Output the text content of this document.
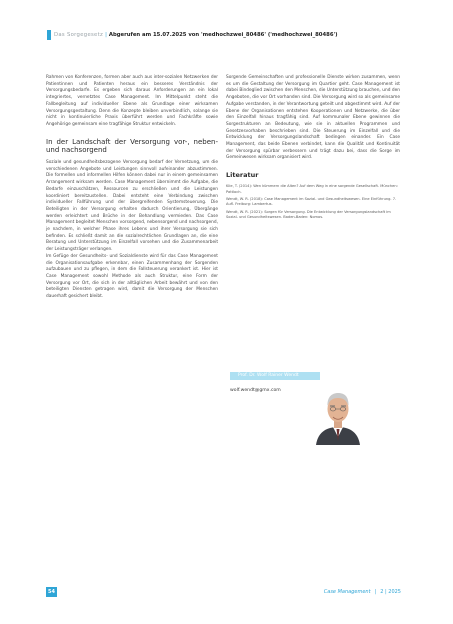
Das Sorgegesetz | Abgerufen am 15.07.2025 von 'medhochzwei_80486' ('medhochzwei_80486')

Rahmen von Konferenzen, formen aber auch aus inter-sozialen Netzwerken der Patientinnen und Patienten heraus ein besseres Verständnis der Versorgungsbedarfe. Es ergeben sich daraus Anforderungen an ein lokal integriertes, vernetztes Case Management. Im Mittelpunkt steht die Fallbegleitung auf individueller Ebene als Grundlage einer wirksamen Versorgungsgestaltung. Denn die Konzepte bleiben unverbindlich, solange sie nicht in kontinuierliche Praxis überführt werden und Fachkräfte sowie Angehörige gemeinsam eine tragfähige Struktur entwickeln.

In der Landschaft der Versorgung vor-, neben- und nachsorgend

Soziale und gesundheitsbezogene Versorgung bedarf der Vernetzung, um die verschiedenen Angebote und Leistungen sinnvoll aufeinander abzustimmen. Die formellen und informellen Hilfen können dabei nur in einem gemeinsamen Arrangement wirksam werden. Case Management übernimmt die Aufgabe, die Bedarfe einzuschätzen, Ressourcen zu erschließen und die Leistungen koordiniert bereitzustellen. Dabei entsteht eine Verbindung zwischen individueller Fallführung und der übergreifenden Systemsteuerung. Die Beteiligten in der Versorgung erhalten dadurch Orientierung, Übergänge werden erleichtert und Brüche in der Behandlung vermieden. Das Case Management begleitet Menschen vorsorgend, nebensorgend und nachsorgend, je nachdem, in welcher Phase ihres Lebens und ihrer Versorgung sie sich befinden. Es schließt damit an die sozialrechtlichen Grundlagen an, die eine Beratung und Unterstützung im Einzelfall vorsehen und die Zusammenarbeit der Leistungsträger verlangen.

Im Gefüge der Gesundheits- und Sozialdienste wird für das Case Management die Organisationsaufgabe erkennbar, einen Zusammenhang der Sorgenden aufzubauen und zu pflegen, in dem die Fallsteuerung verankert ist. Hier ist Case Management sowohl Methode als auch Struktur, eine Form der Versorgung vor Ort, die sich in der alltäglichen Arbeit bewährt und von den beteiligten Diensten getragen wird, damit die Versorgung der Menschen dauerhaft gesichert bleibt.

Sorgende Gemeinschaften und professionelle Dienste wirken zusammen, wenn es um die Gestaltung der Versorgung im Quartier geht. Case Management ist dabei Bindeglied zwischen den Menschen, die Unterstützung brauchen, und den Angeboten, die vor Ort vorhanden sind. Die Versorgung wird so als gemeinsame Aufgabe verstanden, in der Verantwortung geteilt und abgestimmt wird. Auf der Ebene der Organisationen entstehen Kooperationen und Netzwerke, die über den Einzelfall hinaus tragfähig sind. Auf kommunaler Ebene gewinnen die Sorgestrukturen an Bedeutung, wie sie in aktuellen Programmen und Gesetzesvorhaben beschrieben sind. Die Steuerung im Einzelfall und die Entwicklung der Versorgungslandschaft bedingen einander. Ein Case Management, das beide Ebenen verbindet, kann die Qualität und Kontinuität der Versorgung spürbar verbessern und trägt dazu bei, dass die Sorge im Gemeinwesen wirksam organisiert wird.

Literatur
Klie, T. (2014): Wen kümmern die Alten? Auf dem Weg in eine sorgende Gesellschaft. München: Pattloch.
Wendt, W. R. (2018): Case Management im Sozial- und Gesundheitswesen. Eine Einführung. 7. Aufl. Freiburg: Lambertus.
Wendt, W. R. (2021): Sorgen für Versorgung. Die Entwicklung der Versorgungslandschaft im Sozial- und Gesundheitswesen. Baden-Baden: Nomos.
Prof. Dr. Wolf Rainer Wendt
wolf.wendt@gmx.com
54	Case Management | 2 | 2025
